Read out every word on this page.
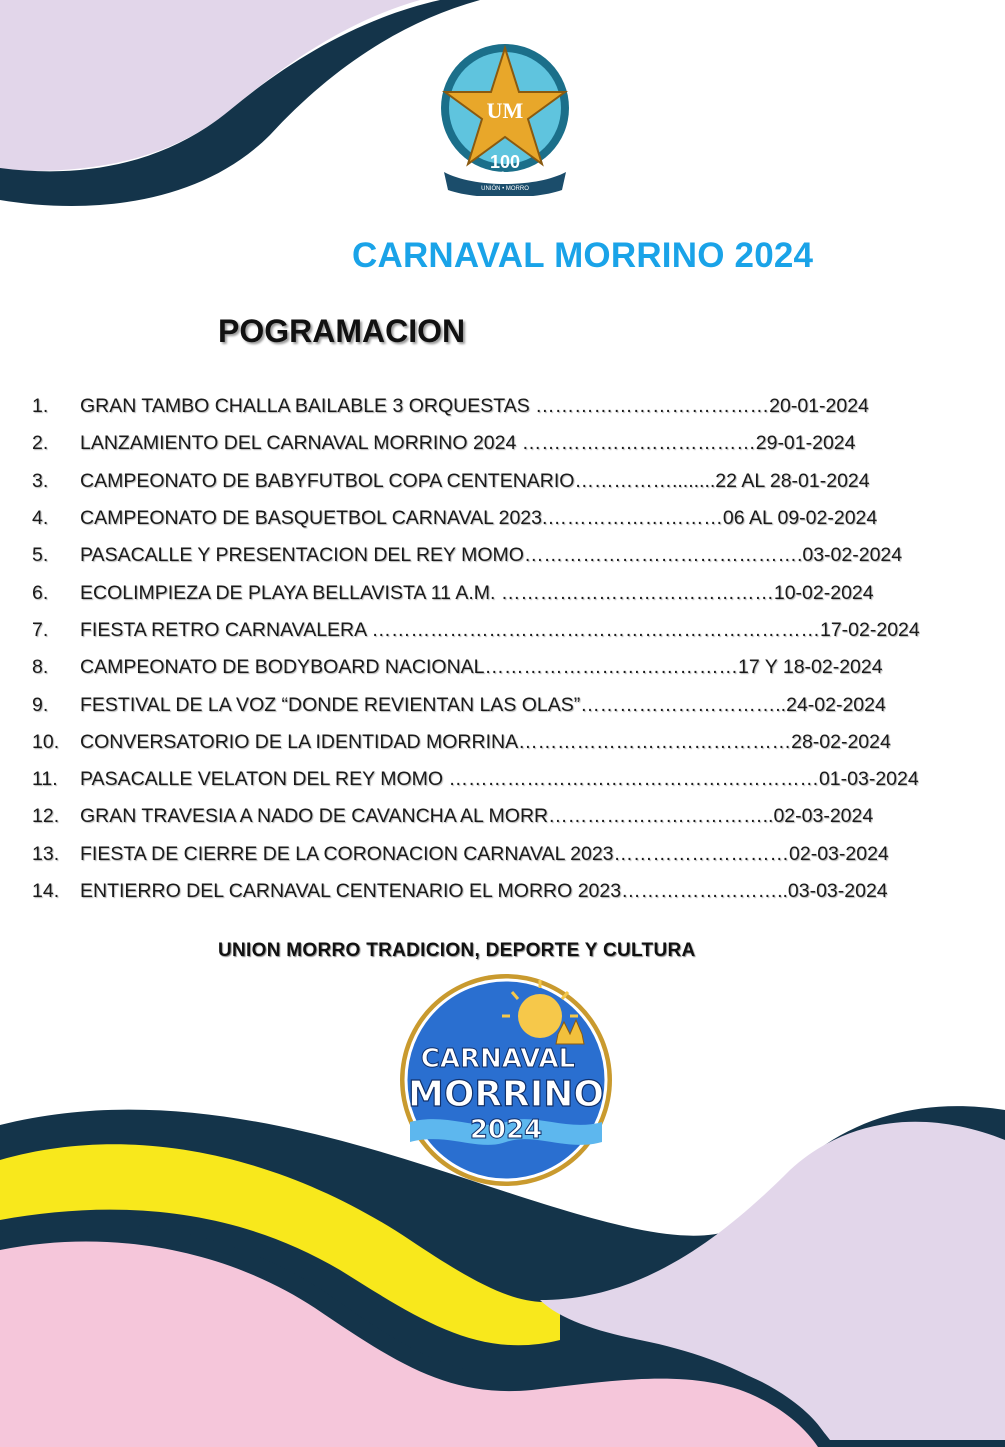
UM
100
AÑOS
UNIÓN • MORRO
CARNAVAL MORRINO 2024
POGRAMACION
1.	GRAN TAMBO CHALLA BAILABLE 3 ORQUESTAS ………………………………20-01-2024
2.	LANZAMIENTO DEL CARNAVAL MORRINO 2024 ………………………………29-01-2024
3.	CAMPEONATO DE BABYFUTBOL COPA CENTENARIO……………........22 AL 28-01-2024
4.	CAMPEONATO DE BASQUETBOL CARNAVAL 2023.………………………06 AL 09-02-2024
5.	PASACALLE Y PRESENTACION DEL REY MOMO…………………………………….03-02-2024
6.	ECOLIMPIEZA DE PLAYA BELLAVISTA 11 A.M. ……………………………………10-02-2024
7.	FIESTA RETRO CARNAVALERA ……………………………………………………………17-02-2024
8.	CAMPEONATO DE BODYBOARD NACIONAL…………………………………17 Y 18-02-2024
9.	FESTIVAL DE LA VOZ “DONDE REVIENTAN LAS OLAS”…………………………..24-02-2024
10.	CONVERSATORIO DE LA IDENTIDAD MORRINA……………………………………28-02-2024
11.	PASACALLE VELATON DEL REY MOMO …………………………………………………01-03-2024
12.	GRAN TRAVESIA A NADO DE CAVANCHA AL MORR……………………………..02-03-2024
13.	FIESTA DE CIERRE DE LA CORONACION CARNAVAL 2023………………………02-03-2024
14.	ENTIERRO DEL CARNAVAL CENTENARIO EL MORRO 2023……………………..03-03-2024
UNION MORRO TRADICION, DEPORTE Y CULTURA
CARNAVAL
MORRINO
2024
